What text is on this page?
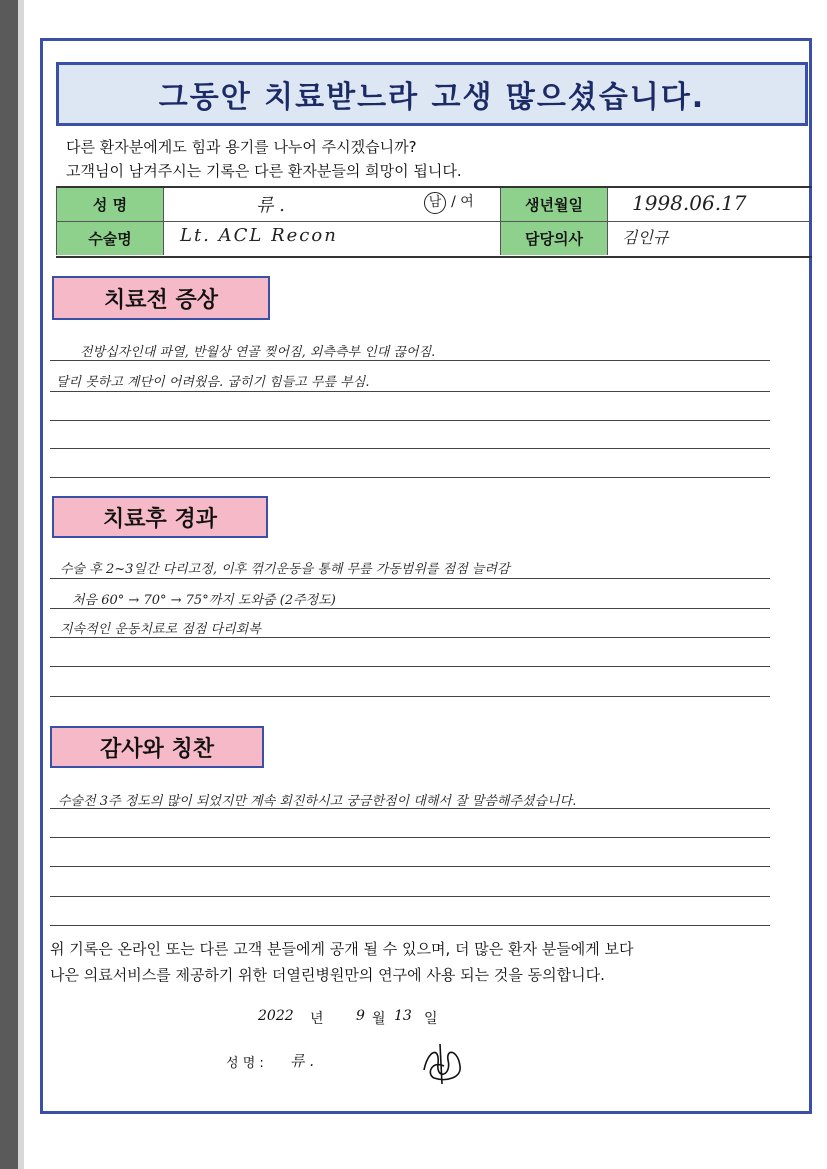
그동안 치료받느라 고생 많으셨습니다.
다른 환자분에게도 힘과 용기를 나누어 주시겠습니까?
고객님이 남겨주시는 기록은 다른 환자분들의 희망이 됩니다.
성 명	류 .	남 / 여	생년월일	1998.06.17
수술명	Lt. ACL Recon	담당의사	김인규
치료전 증상
전방십자인대 파열, 반월상 연골 찢어짐, 외측측부 인대 끊어짐.
달리 못하고 계단이 어려웠음. 굽히기 힘들고 무릎 부심.
치료후 경과
수술 후 2~3일간 다리고정, 이후 꺾기운동을 통해 무릎 가동범위를 점점 늘려감
처음 60° → 70° → 75°까지 도와줌 (2주정도)
지속적인 운동치료로 점점 다리회복
감사와 칭찬
수술전 3주 정도의 많이 되었지만 계속 회진하시고 궁금한점이 대해서 잘 말씀해주셨습니다.
위 기록은 온라인 또는 다른 고객 분들에게 공개 될 수 있으며, 더 많은 환자 분들에게 보다
나은 의료서비스를 제공하기 위한 더열린병원만의 연구에 사용 되는 것을 동의합니다.
2022 년 9 월 13 일
성 명 : 류 .
